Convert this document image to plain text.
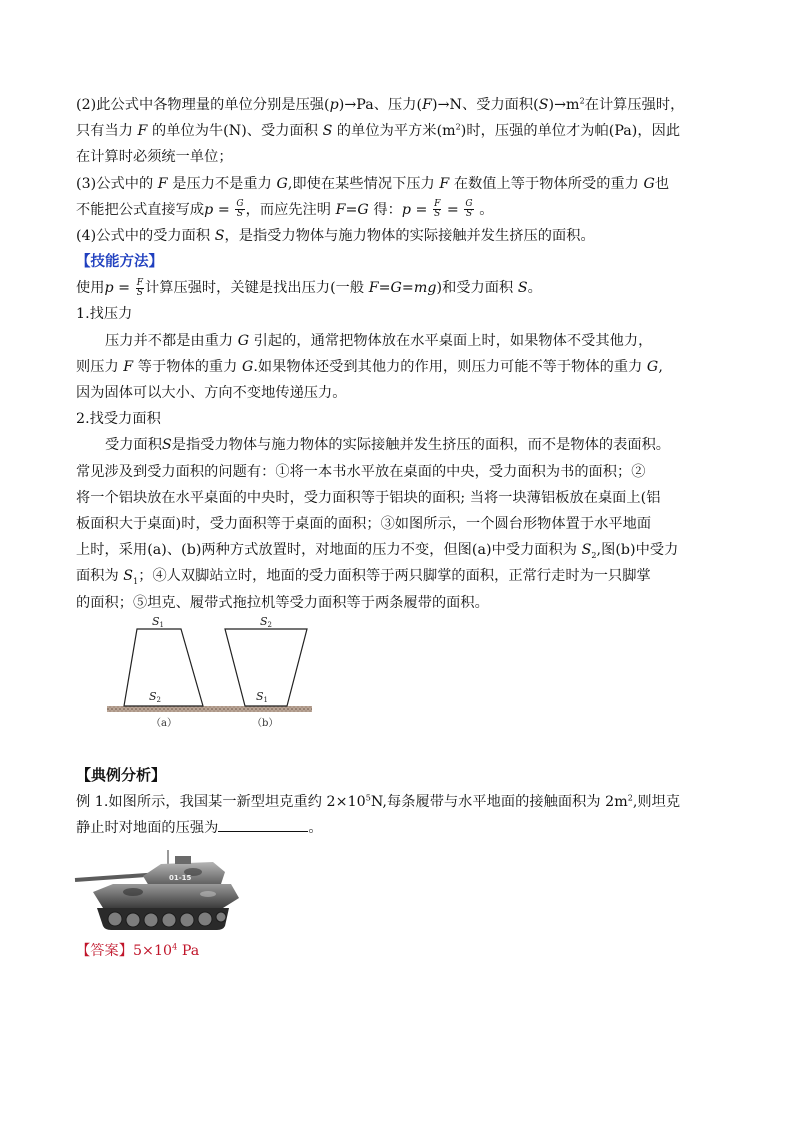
(2)此公式中各物理量的单位分别是压强(p)→Pa、压力(F)→N、受力面积$(S)\to m^2$在计算压强时，
只有当力 F 的单位为牛(N)、受力面积 S 的单位为平方米$(m^2)$时，压强的单位才为帕(Pa)，因此
在计算时必须统一单位；

(3)公式中的 F 是压力不是重力 G,即使在某些情况下压力 F 在数值上等于物体所受的重力 G也
不能把公式直接写成$p = \frac{G}{S}$ ，而应先注明 F=G 得：$p = \frac{F}{S} = \frac{G}{S}$ 。

(4)公式中的受力面积 S，是指受力物体与施力物体的实际接触并发生挤压的面积。

【技能方法】

使用$p = \frac{F}{S}$ 计算压强时，关键是找出压力(一般 F=G=mg)和受力面积 S。

1.找压力

压力并不都是由重力 G 引起的，通常把物体放在水平桌面上时，如果物体不受其他力，
则压力 F 等于物体的重力 G.如果物体还受到其他力的作用，则压力可能不等于物体的重力 G,
因为固体可以大小、方向不变地传递压力。

2.找受力面积

受力面积S是指受力物体与施力物体的实际接触并发生挤压的面积，而不是物体的表面积。
常见涉及到受力面积的问题有：①将一本书水平放在桌面的中央，受力面积为书的面积；②
将一个铝块放在水平桌面的中央时，受力面积等于铝块的面积; 当将一块薄铝板放在桌面上(铝
板面积大于桌面)时，受力面积等于桌面的面积；③如图所示，一个圆台形物体置于水平地面
上时，采用(a)、(b)两种方式放置时，对地面的压力不变，但图(a)中受力面积为 $S_2$,图(b)中受力
面积为 $S_1$；④人双脚站立时，地面的受力面积等于两只脚掌的面积，正常行走时为一只脚掌
的面积；⑤坦克、履带式拖拉机等受力面积等于两条履带的面积。

S1
S2
S2
S1
（a）	（b）

【典例分析】

例 1.如图所示，我国某一新型坦克重约 $2\times 10^5N$,每条履带与水平地面的接触面积为 $2m^2$,则坦克
静止时对地面的压强为	。

01-15

【答案】$5\times 10^4$ Pa
